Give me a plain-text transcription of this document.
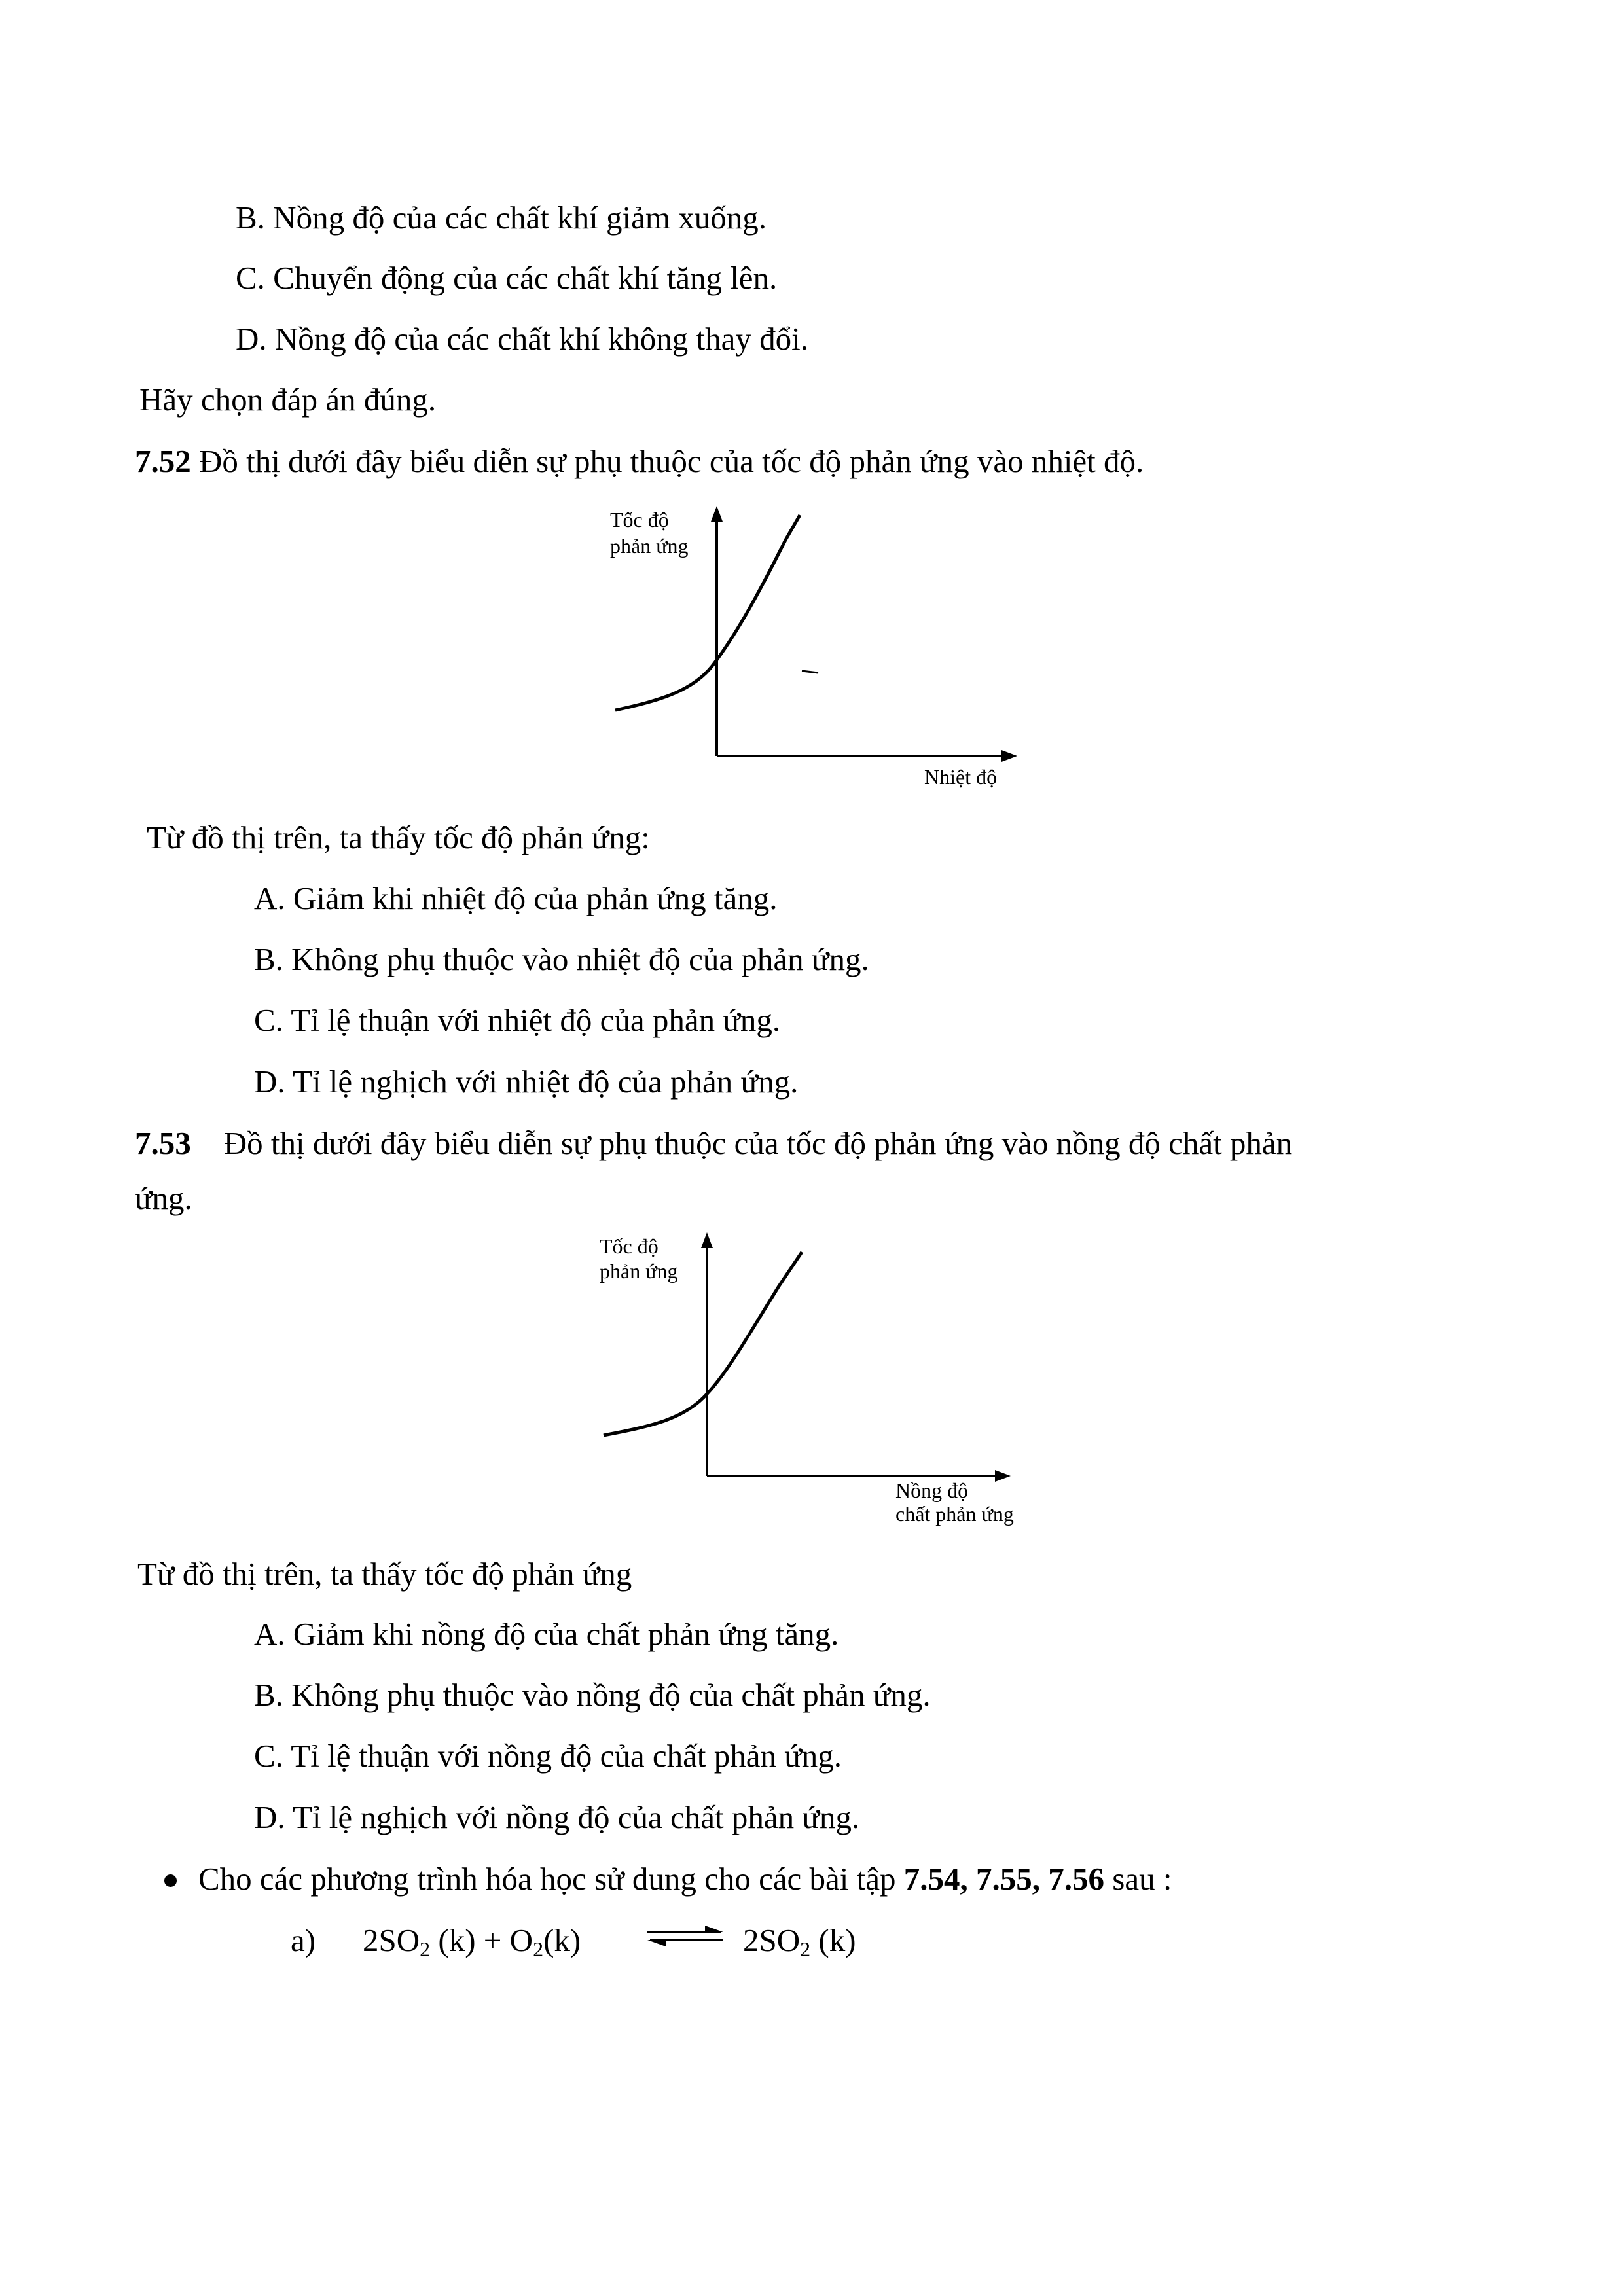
B. Nồng độ của các chất khí giảm xuống.
C. Chuyển động của các chất khí tăng lên.
D. Nồng độ của các chất khí không thay đổi.
Hãy chọn đáp án đúng.
7.52 Đồ thị dưới đây biểu diễn sự phụ thuộc của tốc độ phản ứng vào nhiệt độ.
Tốc độ
phản ứng
Nhiệt độ
Từ đồ thị trên, ta thấy tốc độ phản ứng:
A. Giảm khi nhiệt độ của phản ứng tăng.
B. Không phụ thuộc vào nhiệt độ của phản ứng.
C. Tỉ lệ thuận với nhiệt độ của phản ứng.
D. Tỉ lệ nghịch với nhiệt độ của phản ứng.
7.53 Đồ thị dưới đây biểu diễn sự phụ thuộc của tốc độ phản ứng vào nồng độ chất phản
ứng.
Tốc độ
phản ứng
Nồng độ
chất phản ứng
Từ đồ thị trên, ta thấy tốc độ phản ứng
A. Giảm khi nồng độ của chất phản ứng tăng.
B. Không phụ thuộc vào nồng độ của chất phản ứng.
C. Tỉ lệ thuận với nồng độ của chất phản ứng.
D. Tỉ lệ nghịch với nồng độ của chất phản ứng.
Cho các phương trình hóa học sử dung cho các bài tập 7.54, 7.55, 7.56 sau :
a) $2SO_2$ $(k) + O_2(k)$ ⇌ $2SO_2$ (k)
